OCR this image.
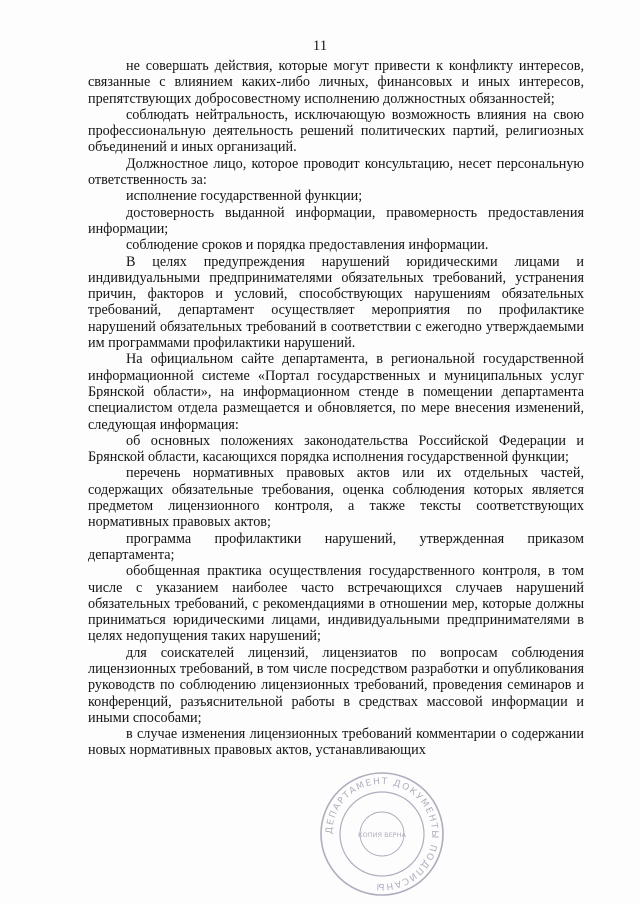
11

не совершать действия, которые могут привести к конфликту интересов, связанные с влиянием каких-либо личных, финансовых и иных интересов, препятствующих добросовестному исполнению должностных обязанностей;

соблюдать нейтральность, исключающую возможность влияния на свою профессиональную деятельность решений политических партий, религиозных объединений и иных организаций.

Должностное лицо, которое проводит консультацию, несет персональную ответственность за:

исполнение государственной функции;

достоверность выданной информации, правомерность предоставления информации;

соблюдение сроков и порядка предоставления информации.

В целях предупреждения нарушений юридическими лицами и индивидуальными предпринимателями обязательных требований, устранения причин, факторов и условий, способствующих нарушениям обязательных требований, департамент осуществляет мероприятия по профилактике нарушений обязательных требований в соответствии с ежегодно утверждаемыми им программами профилактики нарушений.

На официальном сайте департамента, в региональной государственной информационной системе «Портал государственных и муниципальных услуг Брянской области», на информационном стенде в помещении департамента специалистом отдела размещается и обновляется, по мере внесения изменений, следующая информация:

об основных положениях законодательства Российской Федерации и Брянской области, касающихся порядка исполнения государственной функции;

перечень нормативных правовых актов или их отдельных частей, содержащих обязательные требования, оценка соблюдения которых является предметом лицензионного контроля, а также тексты соответствующих нормативных правовых актов;

программа профилактики нарушений, утвержденная приказом департамента;

обобщенная практика осуществления государственного контроля, в том числе с указанием наиболее часто встречающихся случаев нарушений обязательных требований, с рекомендациями в отношении мер, которые должны приниматься юридическими лицами, индивидуальными предпринимателями в целях недопущения таких нарушений;

для соискателей лицензий, лицензиатов по вопросам соблюдения лицензионных требований, в том числе посредством разработки и опубликования руководств по соблюдению лицензионных требований, проведения семинаров и конференций, разъяснительной работы в средствах массовой информации и иными способами;

в случае изменения лицензионных требований комментарии о содержании новых нормативных правовых актов, устанавливающих

ДЕПАРТАМЕНТ ДОКУМЕНТЫ ПОДПИСАНЫ
КОПИЯ ВЕРНА
